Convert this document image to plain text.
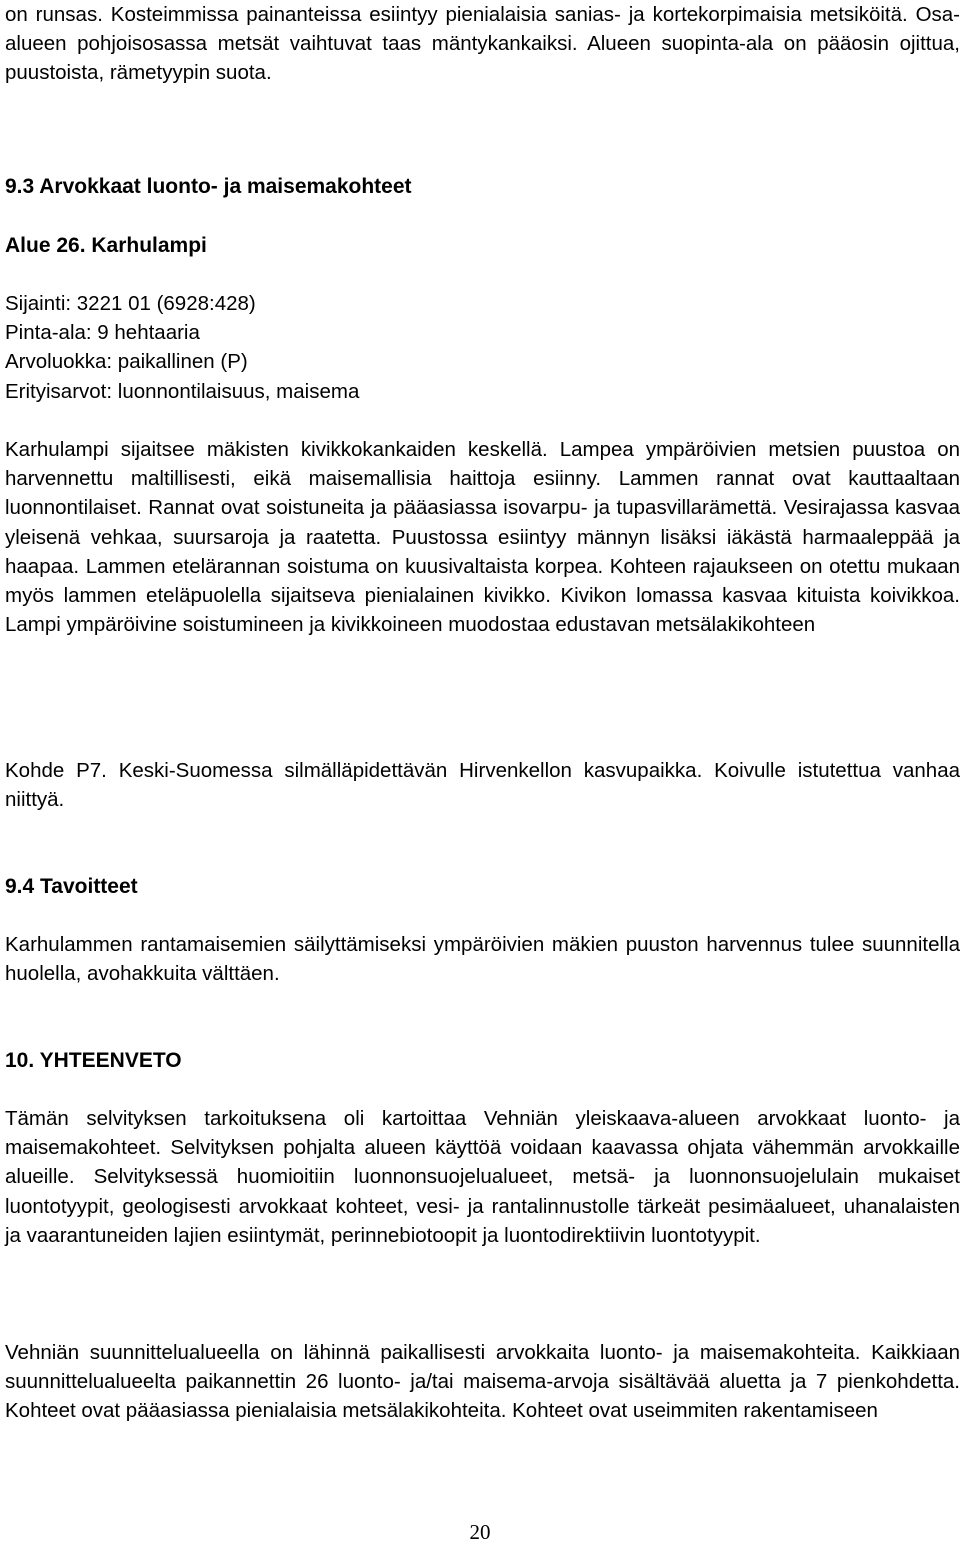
on runsas. Kosteimmissa painanteissa esiintyy pienialaisia sanias- ja kortekorpimaisia metsiköitä. Osa-alueen pohjoisosassa metsät vaihtuvat taas mäntykankaiksi. Alueen suopinta-ala on pääosin ojittua, puustoista, rämetyypin suota.

9.3 Arvokkaat luonto- ja maisemakohteet
Alue 26. Karhulampi
Sijainti: 3221 01 (6928:428)
Pinta-ala: 9 hehtaaria
Arvoluokka: paikallinen (P)
Erityisarvot: luonnontilaisuus, maisema

Karhulampi sijaitsee mäkisten kivikkokankaiden keskellä. Lampea ympäröivien metsien puustoa on harvennettu maltillisesti, eikä maisemallisia haittoja esiinny. Lammen rannat ovat kauttaaltaan luonnontilaiset. Rannat ovat soistuneita ja pääasiassa isovarpu- ja tupasvillarämettä. Vesirajassa kasvaa yleisenä vehkaa, suursaroja ja raatetta. Puustossa esiintyy männyn lisäksi iäkästä harmaaleppää ja haapaa. Lammen etelärannan soistuma on kuusivaltaista korpea. Kohteen rajaukseen on otettu mukaan myös lammen eteläpuolella sijaitseva pienialainen kivikko. Kivikon lomassa kasvaa kituista koivikkoa. Lampi ympäröivine soistumineen ja kivikkoineen muodostaa edustavan metsälakikohteen

Kohde P7. Keski-Suomessa silmälläpidettävän Hirvenkellon kasvupaikka. Koivulle istutettua vanhaa niittyä.

9.4 Tavoitteet

Karhulammen rantamaisemien säilyttämiseksi ympäröivien mäkien puuston harvennus tulee suunnitella huolella, avohakkuita välttäen.

10. YHTEENVETO

Tämän selvityksen tarkoituksena oli kartoittaa Vehniän yleiskaava-alueen arvokkaat luonto- ja maisemakohteet. Selvityksen pohjalta alueen käyttöä voidaan kaavassa ohjata vähemmän arvokkaille alueille. Selvityksessä huomioitiin luonnonsuojelualueet, metsä- ja luonnonsuojelulain mukaiset luontotyypit, geologisesti arvokkaat kohteet, vesi- ja rantalinnustolle tärkeät pesimäalueet, uhanalaisten ja vaarantuneiden lajien esiintymät, perinnebiotoopit ja luontodirektiivin luontotyypit.

Vehniän suunnittelualueella on lähinnä paikallisesti arvokkaita luonto- ja maisemakohteita. Kaikkiaan suunnittelualueelta paikannettin 26 luonto- ja/tai maisema-arvoja sisältävää aluetta ja 7 pienkohdetta. Kohteet ovat pääasiassa pienialaisia metsälakikohteita. Kohteet ovat useimmiten rakentamiseen

20
